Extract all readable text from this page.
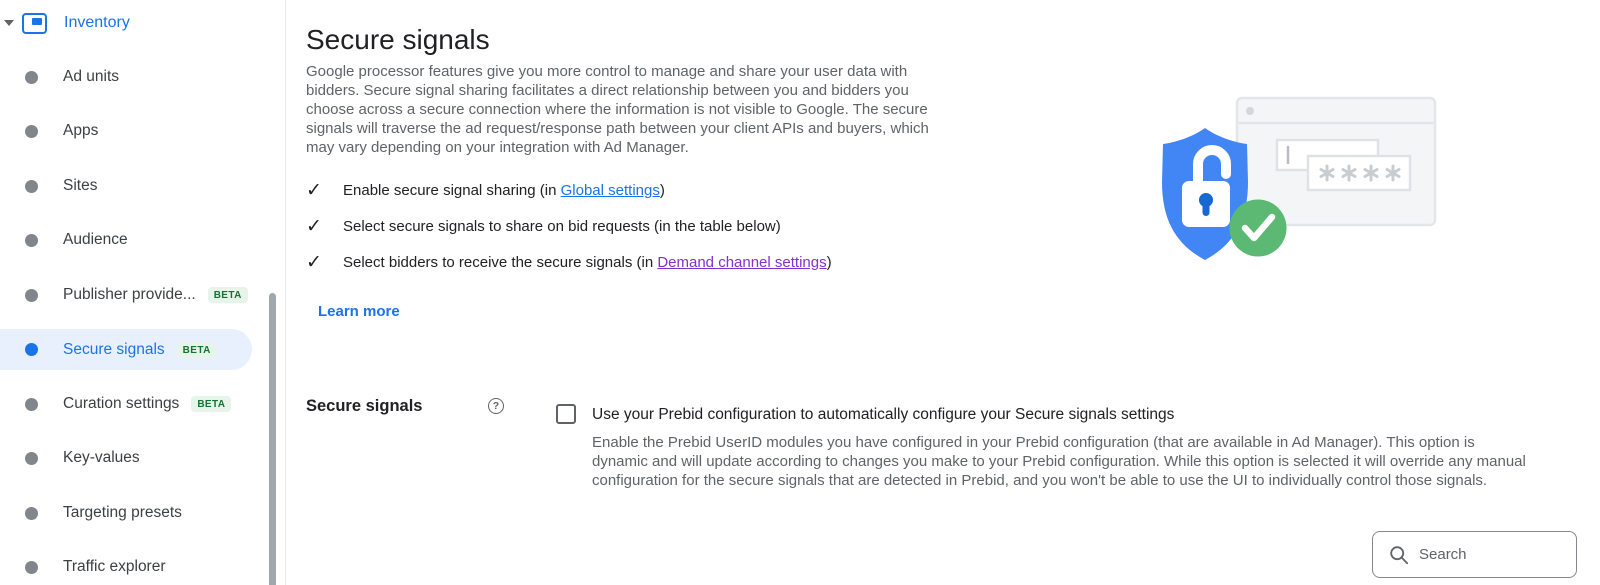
Inventory
Ad units
Apps
Sites
Audience
Publisher provide...	BETA
Secure signals	BETA
Curation settings	BETA
Key-values
Targeting presets
Traffic explorer
Secure signals

Google processor features give you more control to manage and share your user data with bidders. Secure signal sharing facilitates a direct relationship between you and bidders you choose across a secure connection where the information is not visible to Google. The secure signals will traverse the ad request/response path between your client APIs and buyers, which may vary depending on your integration with Ad Manager.

✓	Enable secure signal sharing (in Global settings)
✓	Select secure signals to share on bid requests (in the table below)
✓	Select bidders to receive the secure signals (in Demand channel settings)
Learn more
Secure signals	?	Use your Prebid configuration to automatically configure your Secure signals settings
Enable the Prebid UserID modules you have configured in your Prebid configuration (that are available in Ad Manager). This option is dynamic and will update according to changes you make to your Prebid configuration. While this option is selected it will override any manual configuration for the secure signals that are detected in Prebid, and you won't be able to use the UI to individually control those signals.
Search
